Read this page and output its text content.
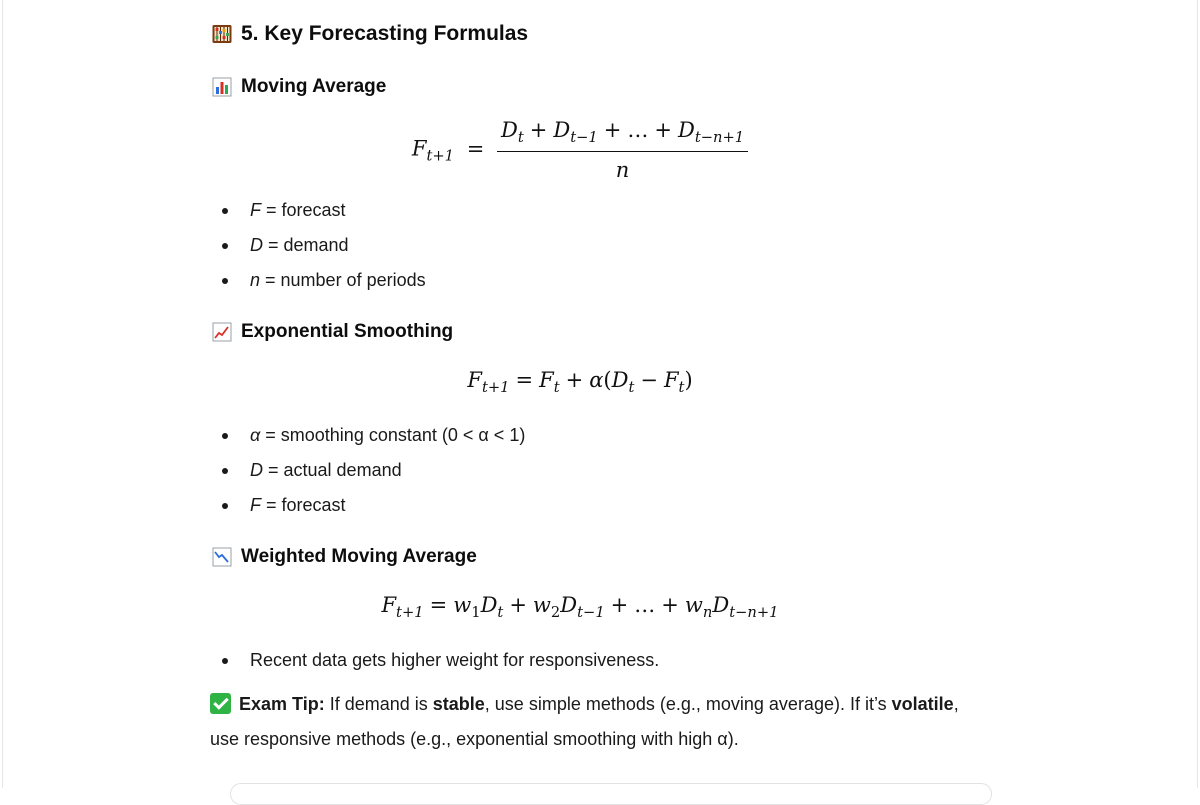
5. Key Forecasting Formulas
Moving Average
$F_{t+1} = \frac{D_t + D_{t-1} + \dots + D_{t-n+1}}{n}$
F = forecast
D = demand
n = number of periods
Exponential Smoothing
$F_{t+1} = F_t + \alpha(D_t - F_t)$
α = smoothing constant (0 < α < 1)
D = actual demand
F = forecast
Weighted Moving Average
$F_{t+1} = w_1D_t + w_2D_{t-1}$ + … + $w_nD_{t-n+1}$
Recent data gets higher weight for responsiveness.

Exam Tip: If demand is stable, use simple methods (e.g., moving average). If it’s volatile, use responsive methods (e.g., exponential smoothing with high α).
